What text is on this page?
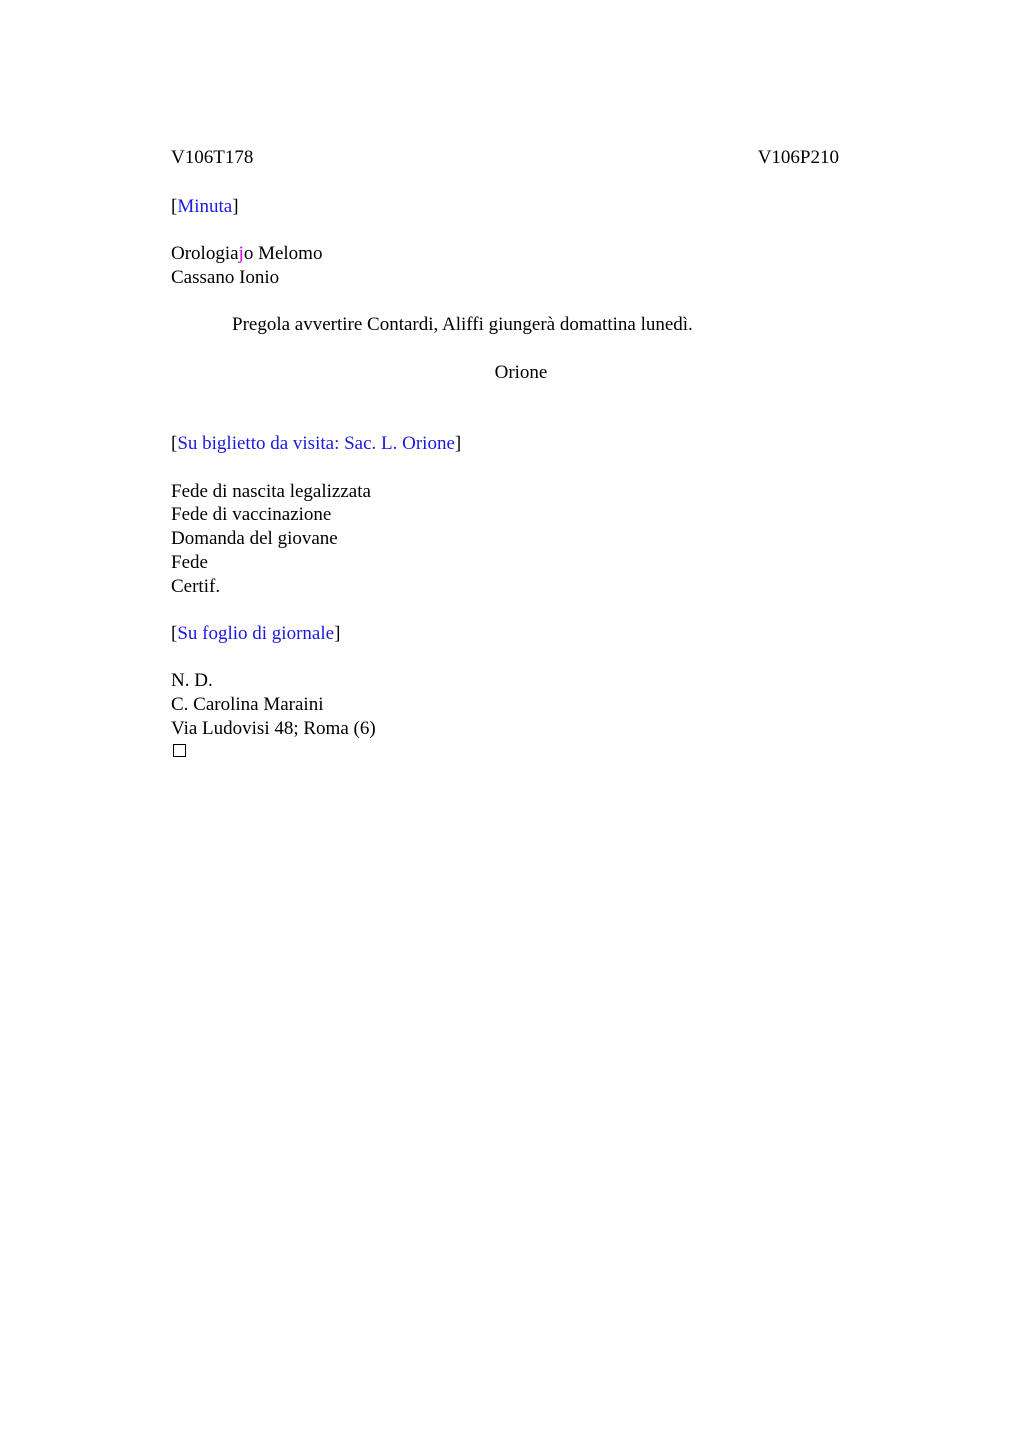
V106T178	V106P210
[Minuta]
Orologiajo Melomo
Cassano Ionio
Pregola avvertire Contardi, Aliffi giungerà domattina lunedì.
Orione
[Su biglietto da visita: Sac. L. Orione]
Fede di nascita legalizzata
Fede di vaccinazione
Domanda del giovane
Fede
Certif.
[Su foglio di giornale]
N. D.
C. Carolina Maraini
Via Ludovisi 48; Roma (6)
